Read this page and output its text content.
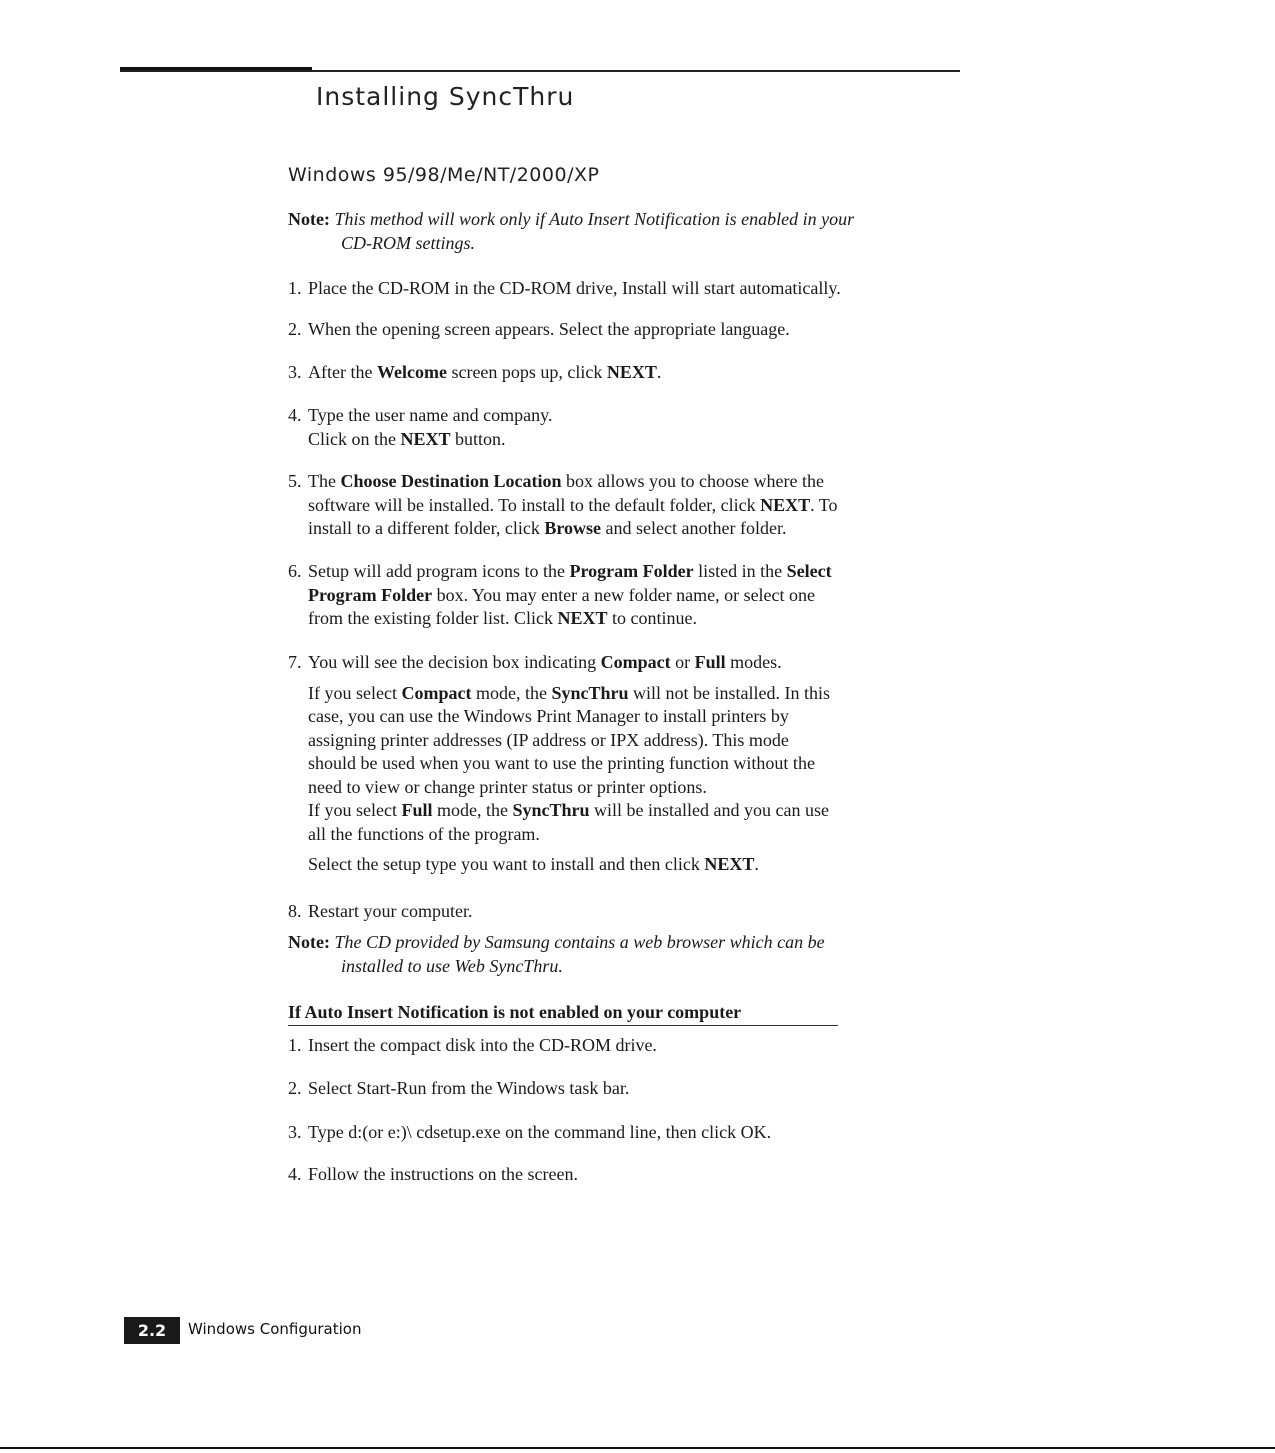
Installing SyncThru
Windows 95/98/Me/NT/2000/XP

Note: This method will work only if Auto Insert Notification is enabled in your
CD-ROM settings.

1. Place the CD-ROM in the CD-ROM drive, Install will start automatically.

2. When the opening screen appears. Select the appropriate language.

3. After the Welcome screen pops up, click NEXT.

4. Type the user name and company.
Click on the NEXT button.

5. The Choose Destination Location box allows you to choose where the
software will be installed. To install to the default folder, click NEXT. To
install to a different folder, click Browse and select another folder.

6. Setup will add program icons to the Program Folder listed in the Select
Program Folder box. You may enter a new folder name, or select one
from the existing folder list. Click NEXT to continue.

7. You will see the decision box indicating Compact or Full modes.
If you select Compact mode, the SyncThru will not be installed. In this
case, you can use the Windows Print Manager to install printers by
assigning printer addresses (IP address or IPX address). This mode
should be used when you want to use the printing function without the
need to view or change printer status or printer options.
If you select Full mode, the SyncThru will be installed and you can use
all the functions of the program.
Select the setup type you want to install and then click NEXT.

8. Restart your computer.

Note: The CD provided by Samsung contains a web browser which can be
installed to use Web SyncThru.

If Auto Insert Notification is not enabled on your computer

1. Insert the compact disk into the CD-ROM drive.

2. Select Start-Run from the Windows task bar.

3. Type d:(or e:)\ cdsetup.exe on the command line, then click OK.

4. Follow the instructions on the screen.

2.2	Windows Configuration
